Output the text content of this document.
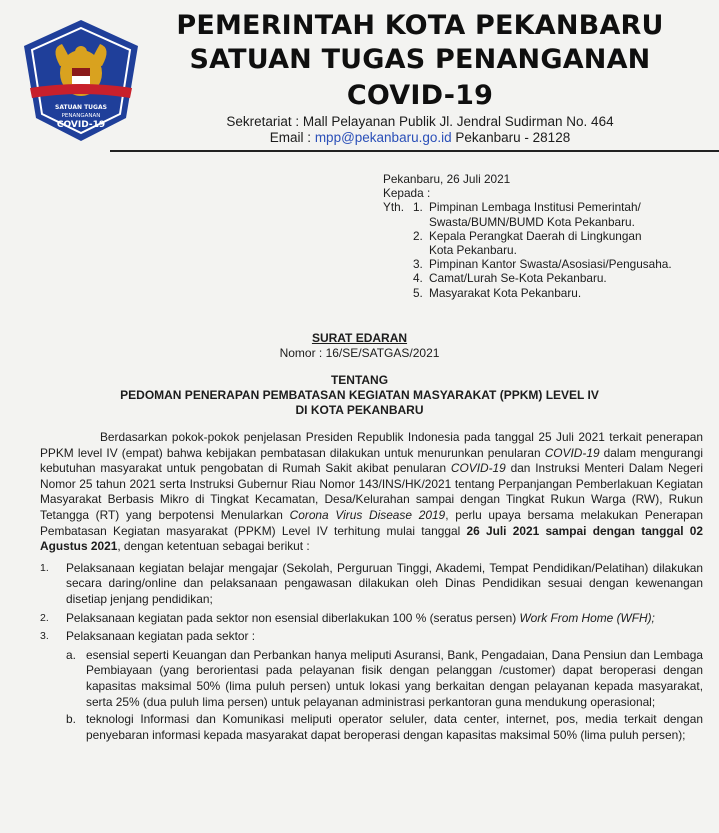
SATUAN TUGAS
PENANGANAN
COVID-19
PEMERINTAH KOTA PEKANBARU
SATUAN TUGAS PENANGANAN
COVID-19
Sekretariat : Mall Pelayanan Publik Jl. Jendral Sudirman No. 464
Email : mpp@pekanbaru.go.id Pekanbaru - 28128
Pekanbaru, 26 Juli 2021
Kepada :
Yth. 1. Pimpinan Lembaga Institusi Pemerintah/
Swasta/BUMN/BUMD Kota Pekanbaru.
2. Kepala Perangkat Daerah di Lingkungan
Kota Pekanbaru.
3. Pimpinan Kantor Swasta/Asosiasi/Pengusaha.
4. Camat/Lurah Se-Kota Pekanbaru.
5. Masyarakat Kota Pekanbaru.
SURAT EDARAN
Nomor : 16/SE/SATGAS/2021
TENTANG
PEDOMAN PENERAPAN PEMBATASAN KEGIATAN MASYARAKAT (PPKM) LEVEL IV
DI KOTA PEKANBARU

Berdasarkan pokok-pokok penjelasan Presiden Republik Indonesia pada tanggal 25 Juli 2021 terkait penerapan PPKM level IV (empat) bahwa kebijakan pembatasan dilakukan untuk menurunkan penularan COVID-19 dalam mengurangi kebutuhan masyarakat untuk pengobatan di Rumah Sakit akibat penularan COVID-19 dan Instruksi Menteri Dalam Negeri Nomor 25 tahun 2021 serta Instruksi Gubernur Riau Nomor 143/INS/HK/2021 tentang Perpanjangan Pemberlakuan Kegiatan Masyarakat Berbasis Mikro di Tingkat Kecamatan, Desa/Kelurahan sampai dengan Tingkat Rukun Warga (RW), Rukun Tetangga (RT) yang berpotensi Menularkan Corona Virus Disease 2019, perlu upaya bersama melakukan Penerapan Pembatasan Kegiatan masyarakat (PPKM) Level IV terhitung mulai tanggal 26 Juli 2021 sampai dengan tanggal 02 Agustus 2021, dengan ketentuan sebagai berikut :

1. Pelaksanaan kegiatan belajar mengajar (Sekolah, Perguruan Tinggi, Akademi, Tempat Pendidikan/Pelatihan) dilakukan secara daring/online dan pelaksanaan pengawasan dilakukan oleh Dinas Pendidikan sesuai dengan kewenangan disetiap jenjang pendidikan;
2. Pelaksanaan kegiatan pada sektor non esensial diberlakukan 100 % (seratus persen) Work From Home (WFH);
3. Pelaksanaan kegiatan pada sektor :
a. esensial seperti Keuangan dan Perbankan hanya meliputi Asuransi, Bank, Pengadaian, Dana Pensiun dan Lembaga Pembiayaan (yang berorientasi pada pelayanan fisik dengan pelanggan /customer) dapat beroperasi dengan kapasitas maksimal 50% (lima puluh persen) untuk lokasi yang berkaitan dengan pelayanan kepada masyarakat, serta 25% (dua puluh lima persen) untuk pelayanan administrasi perkantoran guna mendukung operasional;
b. teknologi Informasi dan Komunikasi meliputi operator seluler, data center, internet, pos, media terkait dengan penyebaran informasi kepada masyarakat dapat beroperasi dengan kapasitas maksimal 50% (lima puluh persen);
